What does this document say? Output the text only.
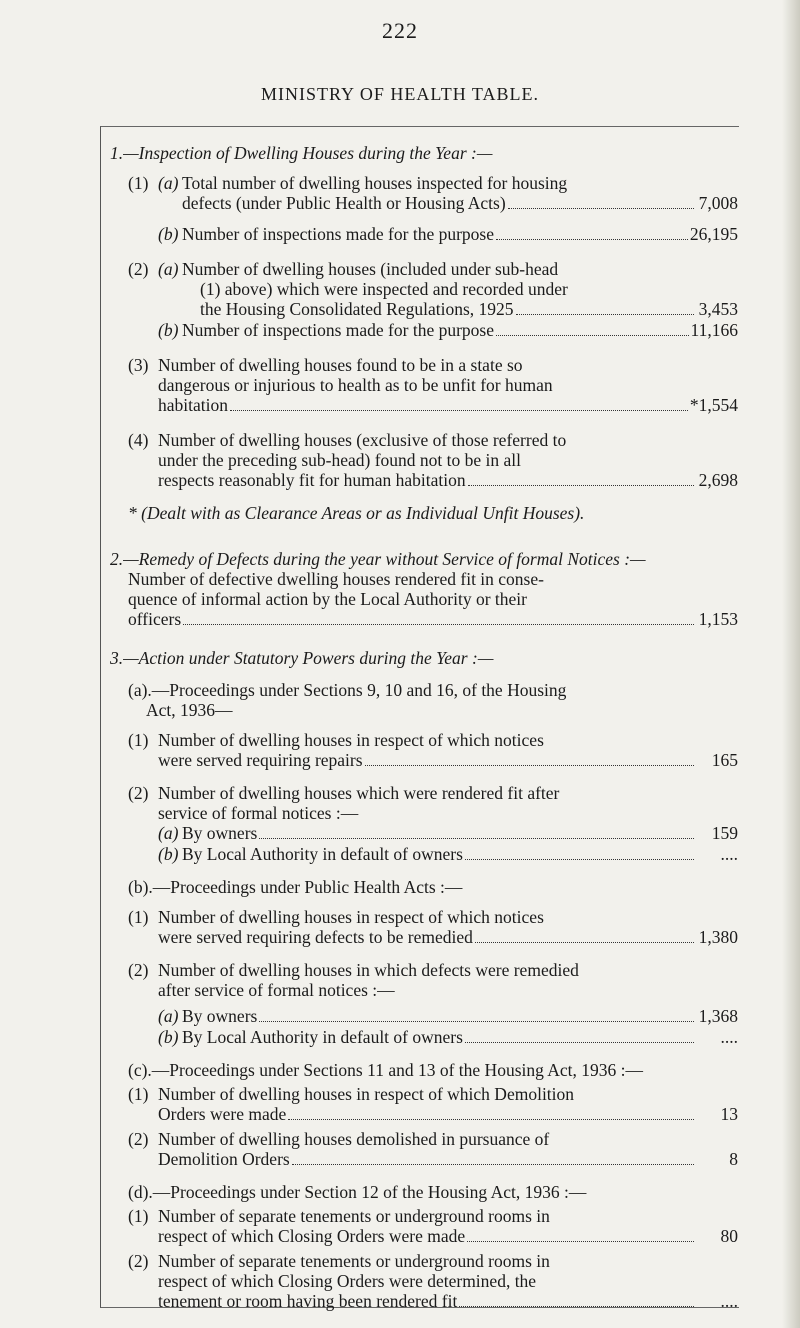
222
MINISTRY OF HEALTH TABLE.
1.—Inspection of Dwelling Houses during the Year :—
(1) (a) Total number of dwelling houses inspected for housing
defects (under Public Health or Housing Acts)	7,008
(b) Number of inspections made for the purpose	26,195
(2) (a) Number of dwelling houses (included under sub-head
(1) above) which were inspected and recorded under
the Housing Consolidated Regulations, 1925	3,453
(b) Number of inspections made for the purpose	11,166
(3) Number of dwelling houses found to be in a state so
dangerous or injurious to health as to be unfit for human
habitation	*1,554
(4) Number of dwelling houses (exclusive of those referred to
under the preceding sub-head) found not to be in all
respects reasonably fit for human habitation	2,698
* (Dealt with as Clearance Areas or as Individual Unfit Houses).
2.—Remedy of Defects during the year without Service of formal Notices :—
Number of defective dwelling houses rendered fit in conse-
quence of informal action by the Local Authority or their
officers	1,153
3.—Action under Statutory Powers during the Year :—
(a).—Proceedings under Sections 9, 10 and 16, of the Housing
Act, 1936—
(1) Number of dwelling houses in respect of which notices
were served requiring repairs	165
(2) Number of dwelling houses which were rendered fit after
service of formal notices :—
(a) By owners	159
(b) By Local Authority in default of owners	....
(b).—Proceedings under Public Health Acts :—
(1) Number of dwelling houses in respect of which notices
were served requiring defects to be remedied	1,380
(2) Number of dwelling houses in which defects were remedied
after service of formal notices :—
(a) By owners	1,368
(b) By Local Authority in default of owners	....
(c).—Proceedings under Sections 11 and 13 of the Housing Act, 1936 :—
(1) Number of dwelling houses in respect of which Demolition
Orders were made	13
(2) Number of dwelling houses demolished in pursuance of
Demolition Orders	8
(d).—Proceedings under Section 12 of the Housing Act, 1936 :—
(1) Number of separate tenements or underground rooms in
respect of which Closing Orders were made	80
(2) Number of separate tenements or underground rooms in
respect of which Closing Orders were determined, the
tenement or room having been rendered fit	....
